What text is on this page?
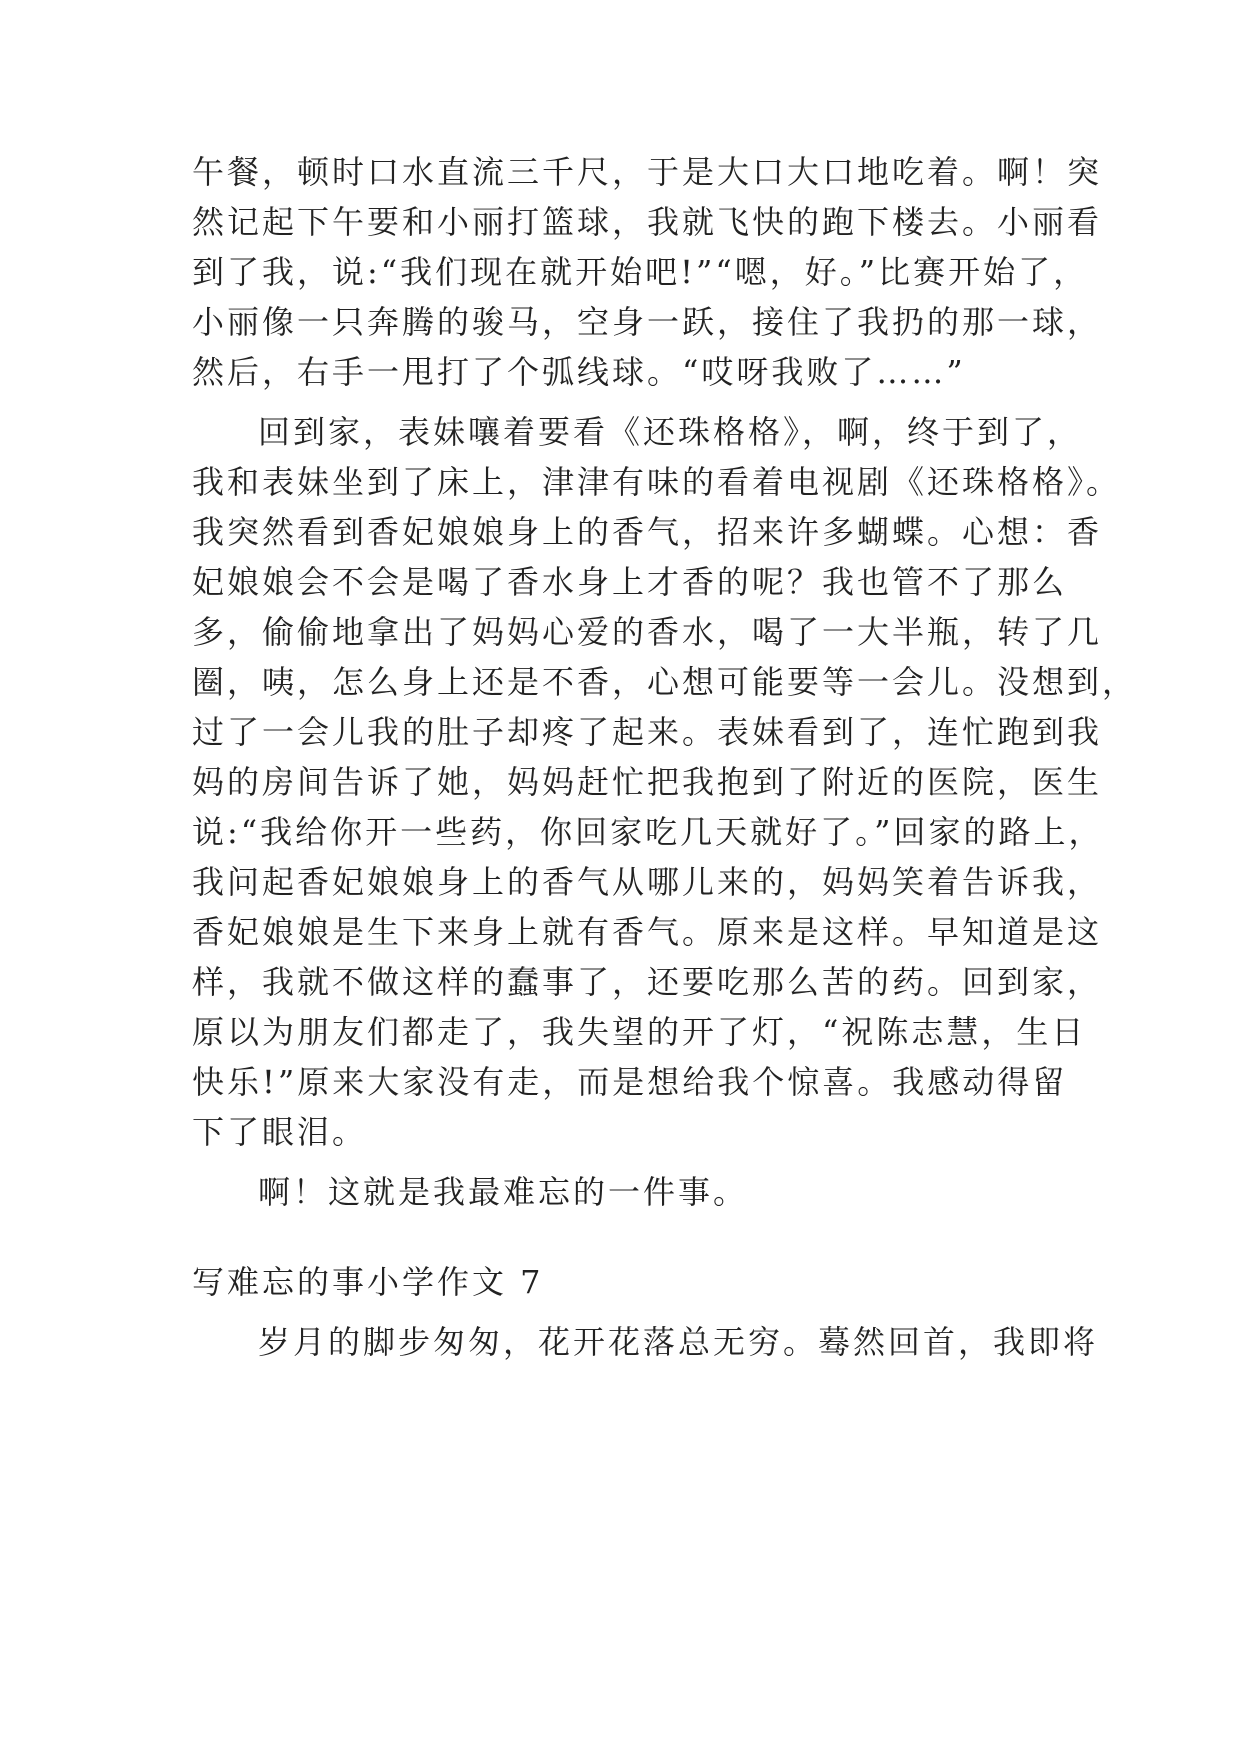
午餐，顿时口水直流三千尺，于是大口大口地吃着。啊！突
然记起下午要和小丽打篮球，我就飞快的跑下楼去。小丽看
到了我，说:“我们现在就开始吧!”“嗯，好。”比赛开始了，
小丽像一只奔腾的骏马，空身一跃，接住了我扔的那一球，
然后，右手一甩打了个弧线球。“哎呀我败了……”
回到家，表妹嚷着要看《还珠格格》，啊，终于到了，
我和表妹坐到了床上，津津有味的看着电视剧《还珠格格》。
我突然看到香妃娘娘身上的香气，招来许多蝴蝶。心想：香
妃娘娘会不会是喝了香水身上才香的呢？我也管不了那么
多，偷偷地拿出了妈妈心爱的香水，喝了一大半瓶，转了几
圈，咦，怎么身上还是不香，心想可能要等一会儿。没想到，
过了一会儿我的肚子却疼了起来。表妹看到了，连忙跑到我
妈的房间告诉了她，妈妈赶忙把我抱到了附近的医院，医生
说:“我给你开一些药，你回家吃几天就好了。”回家的路上，
我问起香妃娘娘身上的香气从哪儿来的，妈妈笑着告诉我，
香妃娘娘是生下来身上就有香气。原来是这样。早知道是这
样，我就不做这样的蠢事了，还要吃那么苦的药。回到家，
原以为朋友们都走了，我失望的开了灯，“祝陈志慧，生日
快乐!”原来大家没有走，而是想给我个惊喜。我感动得留
下了眼泪。
啊！这就是我最难忘的一件事。
写难忘的事小学作文 7
岁月的脚步匆匆，花开花落总无穷。蓦然回首，我即将
